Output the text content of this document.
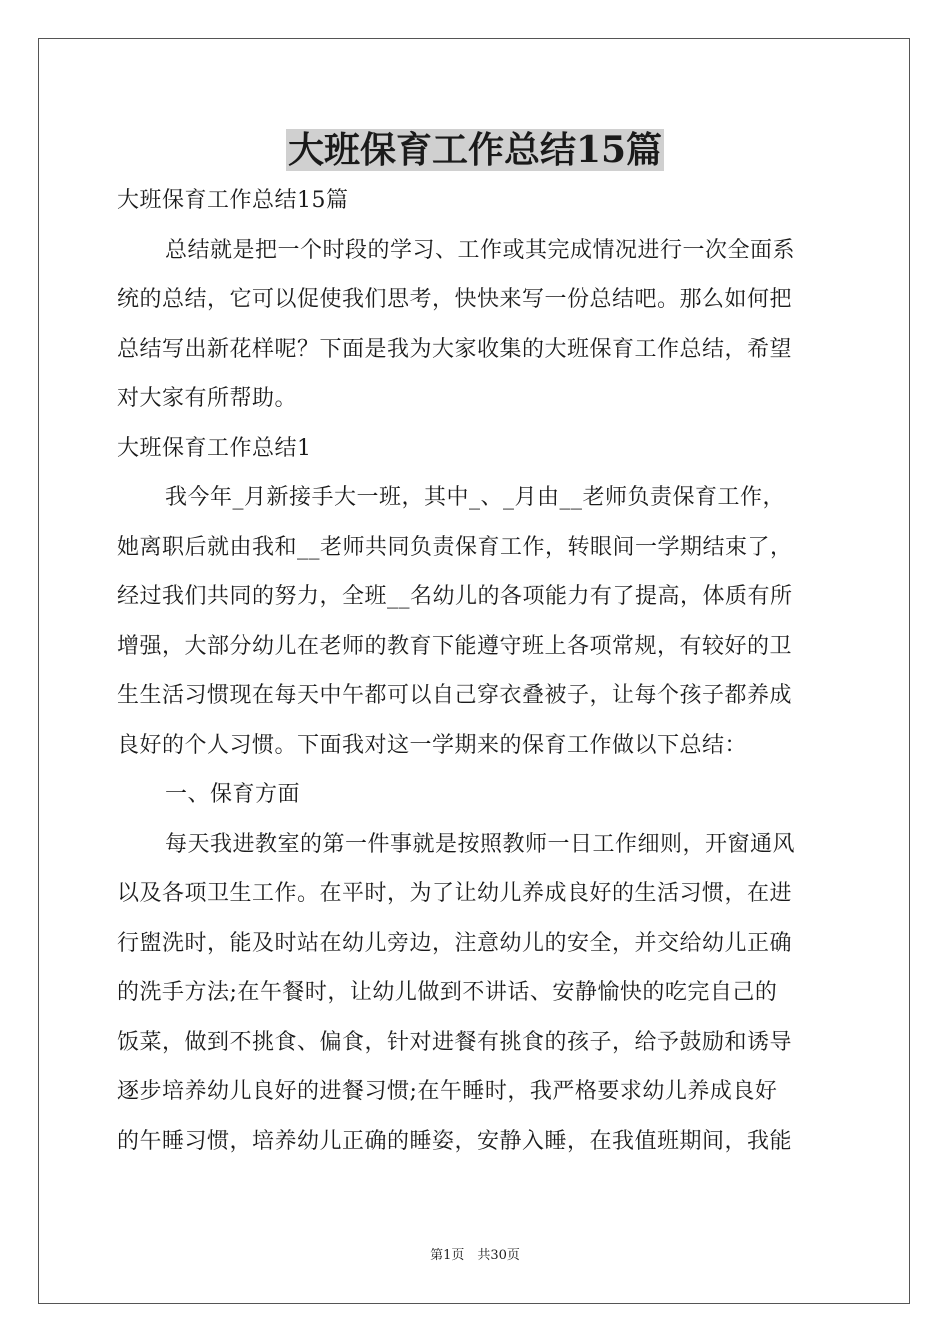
大班保育工作总结15篇
大班保育工作总结15篇
总结就是把一个时段的学习、工作或其完成情况进行一次全面系
统的总结，它可以促使我们思考，快快来写一份总结吧。那么如何把
总结写出新花样呢？下面是我为大家收集的大班保育工作总结，希望
对大家有所帮助。
大班保育工作总结1
我今年_月新接手大一班，其中_、_月由__老师负责保育工作，
她离职后就由我和__老师共同负责保育工作，转眼间一学期结束了，
经过我们共同的努力，全班__名幼儿的各项能力有了提高，体质有所
增强，大部分幼儿在老师的教育下能遵守班上各项常规，有较好的卫
生生活习惯现在每天中午都可以自己穿衣叠被子，让每个孩子都养成
良好的个人习惯。下面我对这一学期来的保育工作做以下总结：
一、保育方面
每天我进教室的第一件事就是按照教师一日工作细则，开窗通风
以及各项卫生工作。在平时，为了让幼儿养成良好的生活习惯，在进
行盥洗时，能及时站在幼儿旁边，注意幼儿的安全，并交给幼儿正确
的洗手方法;在午餐时，让幼儿做到不讲话、安静愉快的吃完自己的
饭菜，做到不挑食、偏食，针对进餐有挑食的孩子，给予鼓励和诱导
逐步培养幼儿良好的进餐习惯;在午睡时，我严格要求幼儿养成良好
的午睡习惯，培养幼儿正确的睡姿，安静入睡，在我值班期间，我能
第1页　共30页
